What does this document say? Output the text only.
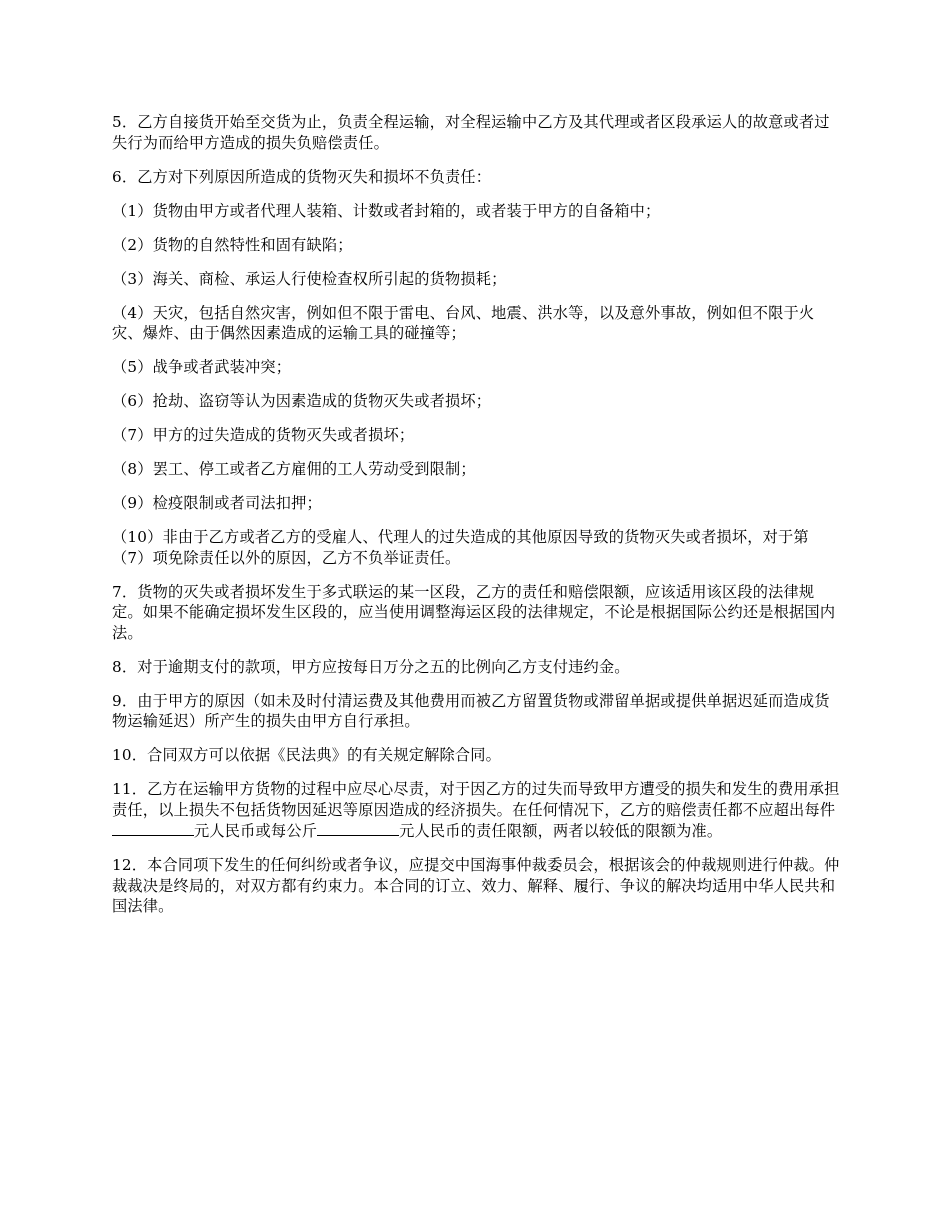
5．乙方自接货开始至交货为止，负责全程运输，对全程运输中乙方及其代理或者区段承运人的故意或者过失行为而给甲方造成的损失负赔偿责任。

6．乙方对下列原因所造成的货物灭失和损坏不负责任：

（1）货物由甲方或者代理人装箱、计数或者封箱的，或者装于甲方的自备箱中；

（2）货物的自然特性和固有缺陷；

（3）海关、商检、承运人行使检查权所引起的货物损耗；

（4）天灾，包括自然灾害，例如但不限于雷电、台风、地震、洪水等，以及意外事故，例如但不限于火灾、爆炸、由于偶然因素造成的运输工具的碰撞等；

（5）战争或者武装冲突；

（6）抢劫、盗窃等认为因素造成的货物灭失或者损坏；

（7）甲方的过失造成的货物灭失或者损坏；

（8）罢工、停工或者乙方雇佣的工人劳动受到限制；

（9）检疫限制或者司法扣押；

（10）非由于乙方或者乙方的受雇人、代理人的过失造成的其他原因导致的货物灭失或者损坏，对于第（7）项免除责任以外的原因，乙方不负举证责任。

7．货物的灭失或者损坏发生于多式联运的某一区段，乙方的责任和赔偿限额，应该适用该区段的法律规定。如果不能确定损坏发生区段的，应当使用调整海运区段的法律规定，不论是根据国际公约还是根据国内法。

8．对于逾期支付的款项，甲方应按每日万分之五的比例向乙方支付违约金。

9．由于甲方的原因（如未及时付清运费及其他费用而被乙方留置货物或滞留单据或提供单据迟延而造成货物运输延迟）所产生的损失由甲方自行承担。

10．合同双方可以依据《民法典》的有关规定解除合同。

11．乙方在运输甲方货物的过程中应尽心尽责，对于因乙方的过失而导致甲方遭受的损失和发生的费用承担责任，以上损失不包括货物因延迟等原因造成的经济损失。在任何情况下，乙方的赔偿责任都不应超出每件元人民币或每公斤	元人民币的责任限额，两者以较低的限额为准。

12．本合同项下发生的任何纠纷或者争议，应提交中国海事仲裁委员会，根据该会的仲裁规则进行仲裁。仲裁裁决是终局的，对双方都有约束力。本合同的订立、效力、解释、履行、争议的解决均适用中华人民共和国法律。
